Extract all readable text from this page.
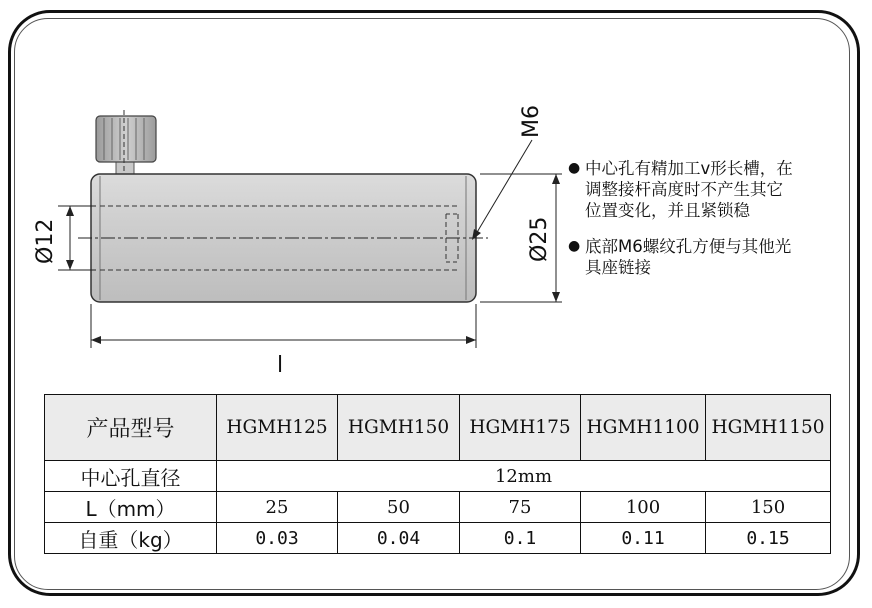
Ø12	Ø25
M6
l
● 中心孔有精加工v形长槽，在
调整接杆高度时不产生其它
位置变化，并且紧锁稳
● 底部M6螺纹孔方便与其他光
具座链接
产品型号	HGMH125	HGMH150	HGMH175	HGMH1100	HGMH1150
中心孔直径	12mm				
L（mm）	25	50	75	100	150
自重（kg）	0.03	0.04	0.1	0.11	0.15
